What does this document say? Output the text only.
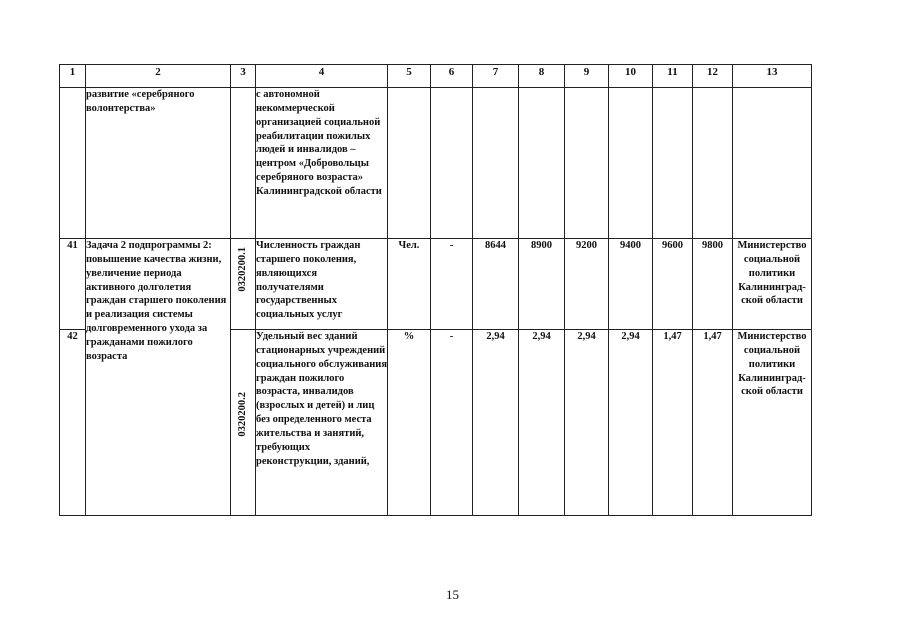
1	2	3	4	5	6	7	8	9	10	11	12	13
	развитие «серебряного волонтерства»		с автономной некоммерческой организацией социальной реабилитации пожилых людей и инвалидов – центром «Добровольцы серебряного возраста» Калининградской области									
41	Задача 2 подпрограммы 2: повышение качества жизни, увеличение периода активного долголетия граждан старшего поколения и реализация системы долговременного ухода за гражданами пожилого возраста	0320200.1	Численность граждан старшего поколения, являющихся получателями государственных социальных услуг	Чел.	-	8644	8900	9200	9400	9600	9800	Министерство социальной политики Калининград-ской области
42		0320200.2	Удельный вес зданий стационарных учреждений социального обслуживания граждан пожилого возраста, инвалидов (взрослых и детей) и лиц без определенного места жительства и занятий, требующих реконструкции, зданий,	%	-	2,94	2,94	2,94	2,94	1,47	1,47	Министерство социальной политики Калининград-ской области
15
